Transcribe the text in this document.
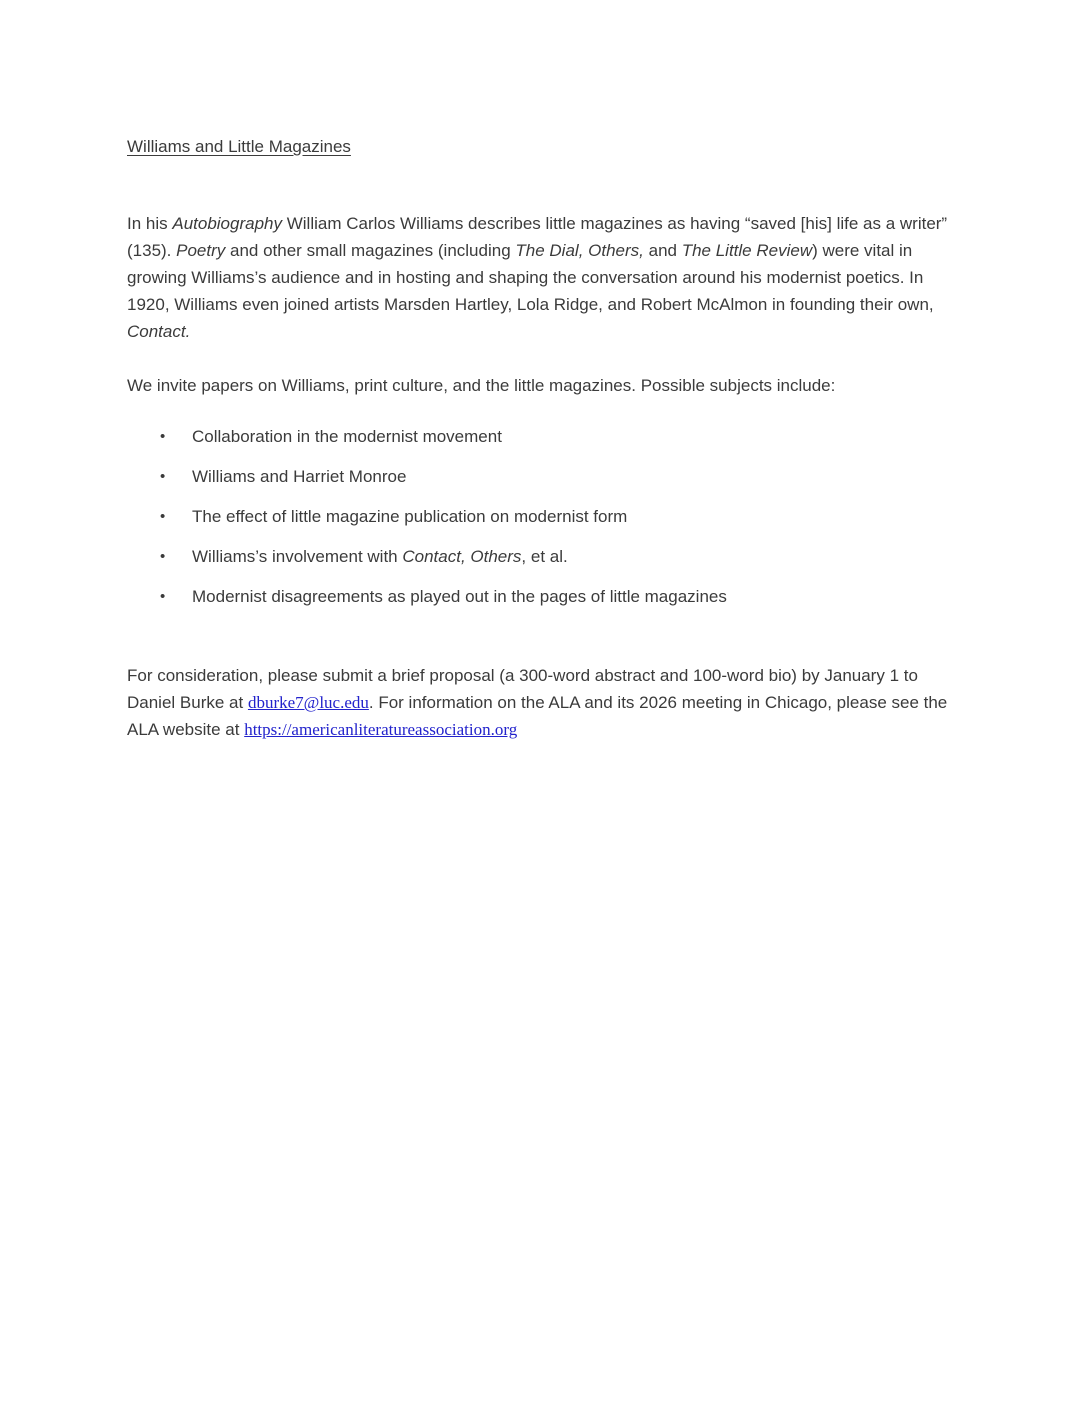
Williams and Little Magazines

In his Autobiography William Carlos Williams describes little magazines as having “saved [his] life as a writer” (135). Poetry and other small magazines (including The Dial, Others, and The Little Review) were vital in growing Williams’s audience and in hosting and shaping the conversation around his modernist poetics. In 1920, Williams even joined artists Marsden Hartley, Lola Ridge, and Robert McAlmon in founding their own, Contact.

We invite papers on Williams, print culture, and the little magazines. Possible subjects include:

• Collaboration in the modernist movement
• Williams and Harriet Monroe
• The effect of little magazine publication on modernist form
• Williams’s involvement with Contact, Others, et al.
• Modernist disagreements as played out in the pages of little magazines

For consideration, please submit a brief proposal (a 300-word abstract and 100-word bio) by January 1 to Daniel Burke at dburke7@luc.edu. For information on the ALA and its 2026 meeting in Chicago, please see the ALA website at https://americanliteratureassociation.org
